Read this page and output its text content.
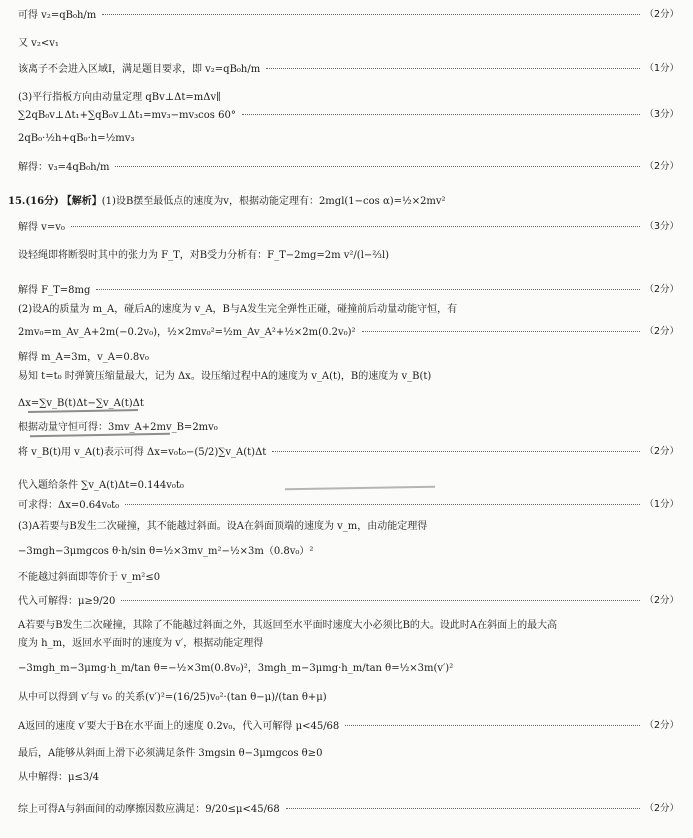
可得 v₂=qB₀h/m	（2分）
又 v₂<v₁
该离子不会进入区域Ⅰ，满足题目要求，即 v₂=qB₀h/m	（1分）
(3)平行指板方向由动量定理 qBv⊥Δt=mΔv∥
∑2qB₀v⊥Δt₁+∑qB₀v⊥Δt₁=mv₃−mv₃cos 60°	（3分）
2qB₀·½h+qB₀·h=½mv₃
解得：v₃=4qB₀h/m	（2分）
15.(16分) 【解析】 (1)设B摆至最低点的速度为v，根据动能定理有：2mgl(1−cos α)=½×2mv²
解得 v=v₀	（3分）
设轻绳即将断裂时其中的张力为 F_T，对B受力分析有：F_T−2mg=2m v²/(l−⅔l)
解得 F_T=8mg	（2分）
(2)设A的质量为 m_A，碰后A的速度为 v_A，B与A发生完全弹性正碰，碰撞前后动量动能守恒，有
2mv₀=m_Av_A+2m(−0.2v₀)，½×2mv₀²=½m_Av_A²+½×2m(0.2v₀)²	（2分）
解得 m_A=3m，v_A=0.8v₀
易知 t=t₀ 时弹簧压缩量最大，记为 Δx。设压缩过程中A的速度为 v_A(t)，B的速度为 v_B(t)
Δx=∑v_B(t)Δt−∑v_A(t)Δt
根据动量守恒可得：3mv_A+2mv_B=2mv₀
将 v_B(t)用 v_A(t)表示可得 Δx=v₀t₀−(5/2)∑v_A(t)Δt	（2分）
代入题给条件 ∑v_A(t)Δt=0.144v₀t₀
可求得：Δx=0.64v₀t₀	（1分）
(3)A若要与B发生二次碰撞，其不能越过斜面。设A在斜面顶端的速度为 v_m，由动能定理得
−3mgh−3μmgcos θ·h/sin θ=½×3mv_m²−½×3m（0.8v₀）²
不能越过斜面即等价于 v_m²≤0
代入可解得：μ≥9/20	（2分）
A若要与B发生二次碰撞，其除了不能越过斜面之外，其返回至水平面时速度大小必须比B的大。设此时A在斜面上的最大高
度为 h_m，返回水平面时的速度为 v′，根据动能定理得
−3mgh_m−3μmg·h_m/tan θ=−½×3m(0.8v₀)²，3mgh_m−3μmg·h_m/tan θ=½×3m(v′)²
从中可以得到 v′与 v₀ 的关系(v′)²=(16/25)v₀²·(tan θ−μ)/(tan θ+μ)
A返回的速度 v′要大于B在水平面上的速度 0.2v₀，代入可解得 μ<45/68	（2分）
最后，A能够从斜面上滑下必须满足条件 3mgsin θ−3μmgcos θ≥0
从中解得：μ≤3/4
综上可得A与斜面间的动摩擦因数应满足：9/20≤μ<45/68	（2分）
